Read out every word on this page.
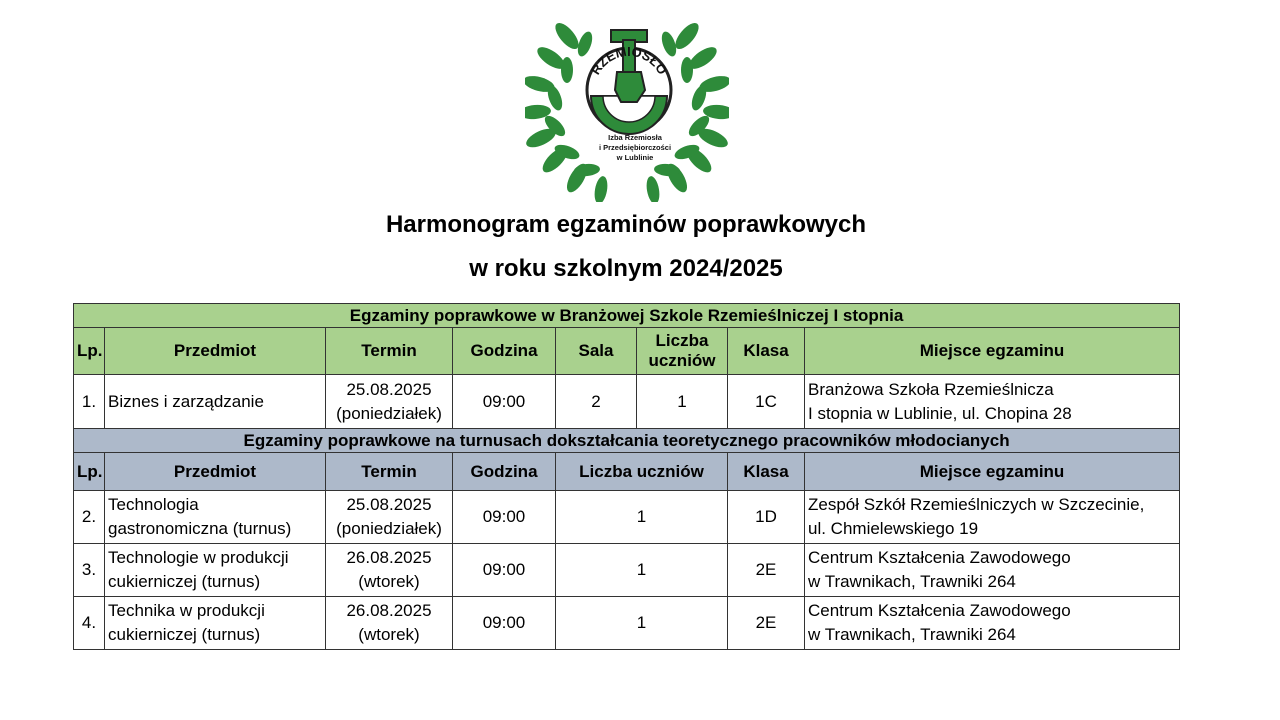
RZEMIOSŁO
Izba Rzemiosła
i Przedsiębiorczości
w Lublinie
Harmonogram egzaminów poprawkowych
w roku szkolnym 2024/2025
Egzaminy poprawkowe w Branżowej Szkole Rzemieślniczej I stopnia							
Lp.	Przedmiot	Termin	Godzina	Sala	Liczba uczniów	Klasa	Miejsce egzaminu
1.	Biznes i zarządzanie	25.08.2025
(poniedziałek)	09:00	2	1	1C	Branżowa Szkoła Rzemieślnicza
I stopnia w Lublinie, ul. Chopina 28

Egzaminy poprawkowe na turnusach dokształcania teoretycznego pracowników młodocianych							
Lp.	Przedmiot	Termin	Godzina	Liczba uczniów		Klasa	Miejsce egzaminu
2.	Technologia
gastronomiczna (turnus)	25.08.2025
(poniedziałek)	09:00	1		1D	Zespół Szkół Rzemieślniczych w Szczecinie,
ul. Chmielewskiego 19

3.	Technologie w produkcji
cukierniczej (turnus)	26.08.2025
(wtorek)	09:00	1		2E	Centrum Kształcenia Zawodowego
w Trawnikach, Trawniki 264

4.	Technika w produkcji
cukierniczej (turnus)	26.08.2025
(wtorek)	09:00	1		2E	Centrum Kształcenia Zawodowego
w Trawnikach, Trawniki 264
